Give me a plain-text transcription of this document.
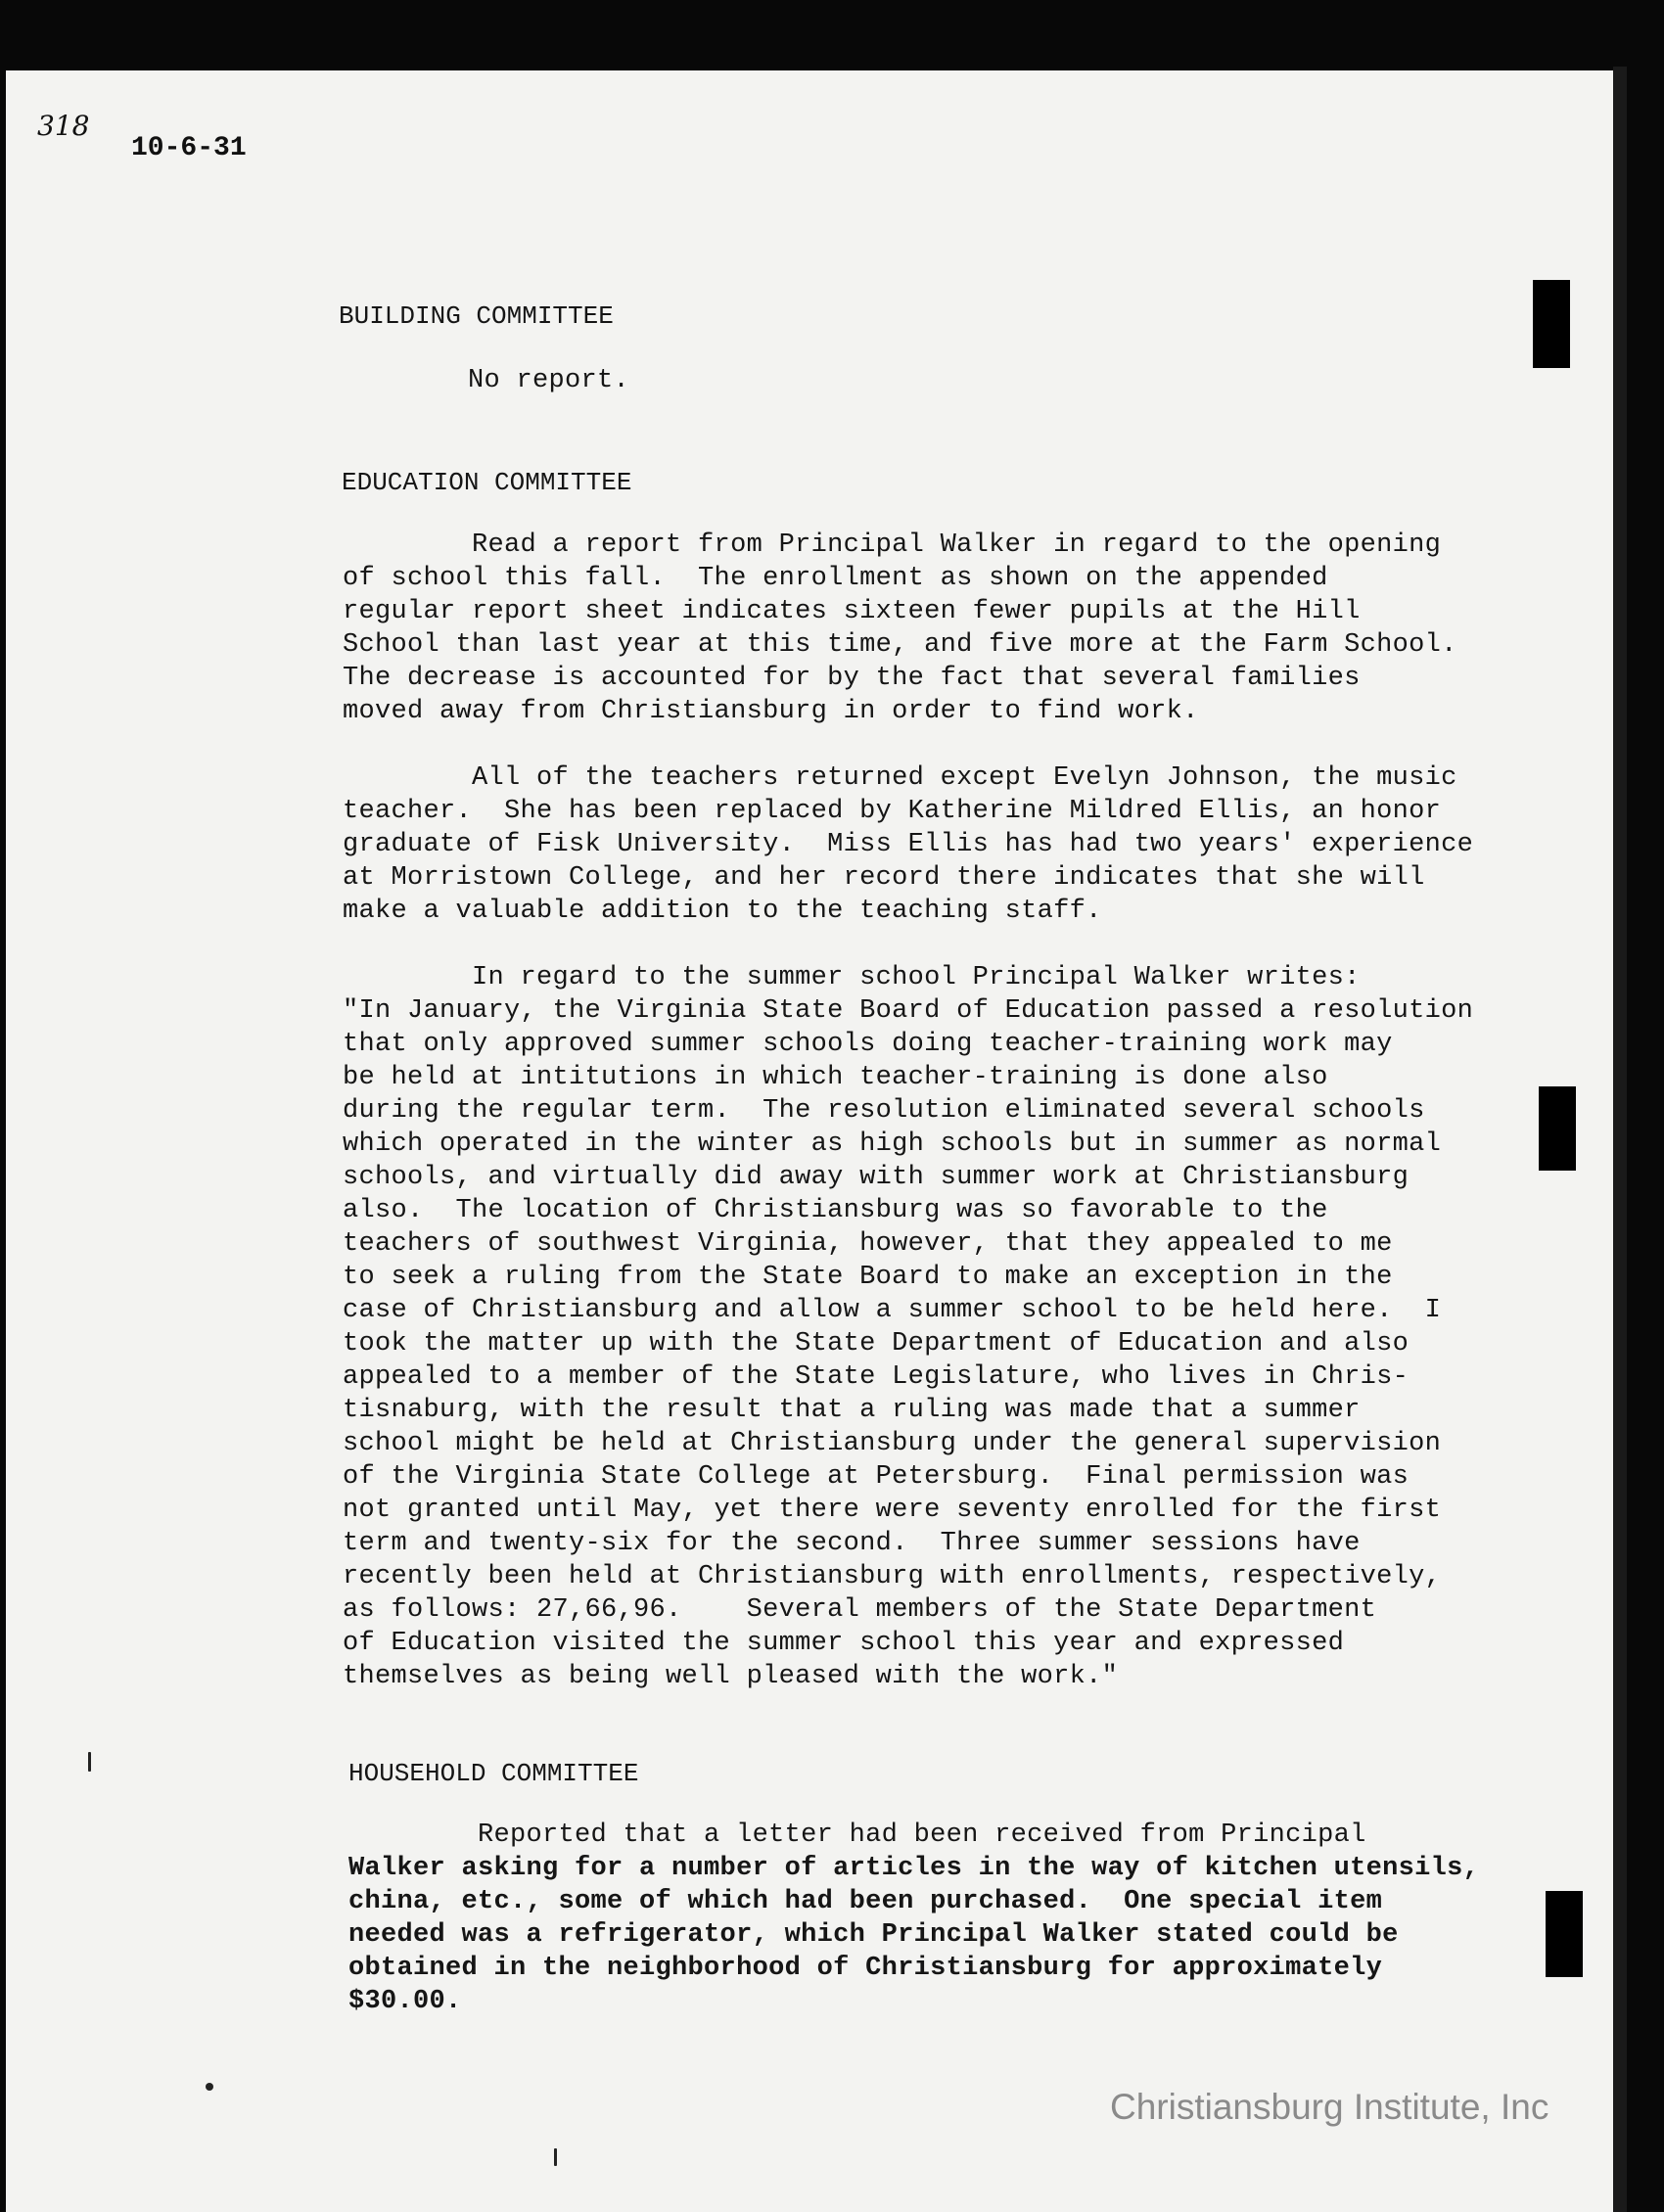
318
10-6-31
BUILDING COMMITTEE
No report.
EDUCATION COMMITTEE
Read a report from Principal Walker in regard to the opening
of school this fall.  The enrollment as shown on the appended
regular report sheet indicates sixteen fewer pupils at the Hill
School than last year at this time, and five more at the Farm School.
The decrease is accounted for by the fact that several families
moved away from Christiansburg in order to find work.
All of the teachers returned except Evelyn Johnson, the music
teacher.  She has been replaced by Katherine Mildred Ellis, an honor
graduate of Fisk University.  Miss Ellis has had two years' experience
at Morristown College, and her record there indicates that she will
make a valuable addition to the teaching staff.
In regard to the summer school Principal Walker writes:
"In January, the Virginia State Board of Education passed a resolution
that only approved summer schools doing teacher-training work may
be held at intitutions in which teacher-training is done also
during the regular term.  The resolution eliminated several schools
which operated in the winter as high schools but in summer as normal
schools, and virtually did away with summer work at Christiansburg
also.  The location of Christiansburg was so favorable to the
teachers of southwest Virginia, however, that they appealed to me
to seek a ruling from the State Board to make an exception in the
case of Christiansburg and allow a summer school to be held here.  I
took the matter up with the State Department of Education and also
appealed to a member of the State Legislature, who lives in Chris-
tisnaburg, with the result that a ruling was made that a summer
school might be held at Christiansburg under the general supervision
of the Virginia State College at Petersburg.  Final permission was
not granted until May, yet there were seventy enrolled for the first
term and twenty-six for the second.  Three summer sessions have
recently been held at Christiansburg with enrollments, respectively,
as follows: 27,66,96.    Several members of the State Department
of Education visited the summer school this year and expressed
themselves as being well pleased with the work."
HOUSEHOLD COMMITTEE
Reported that a letter had been received from Principal
Walker asking for a number of articles in the way of kitchen utensils,
china, etc., some of which had been purchased.  One special item
needed was a refrigerator, which Principal Walker stated could be
obtained in the neighborhood of Christiansburg for approximately
$30.00.
Christiansburg Institute, Inc
